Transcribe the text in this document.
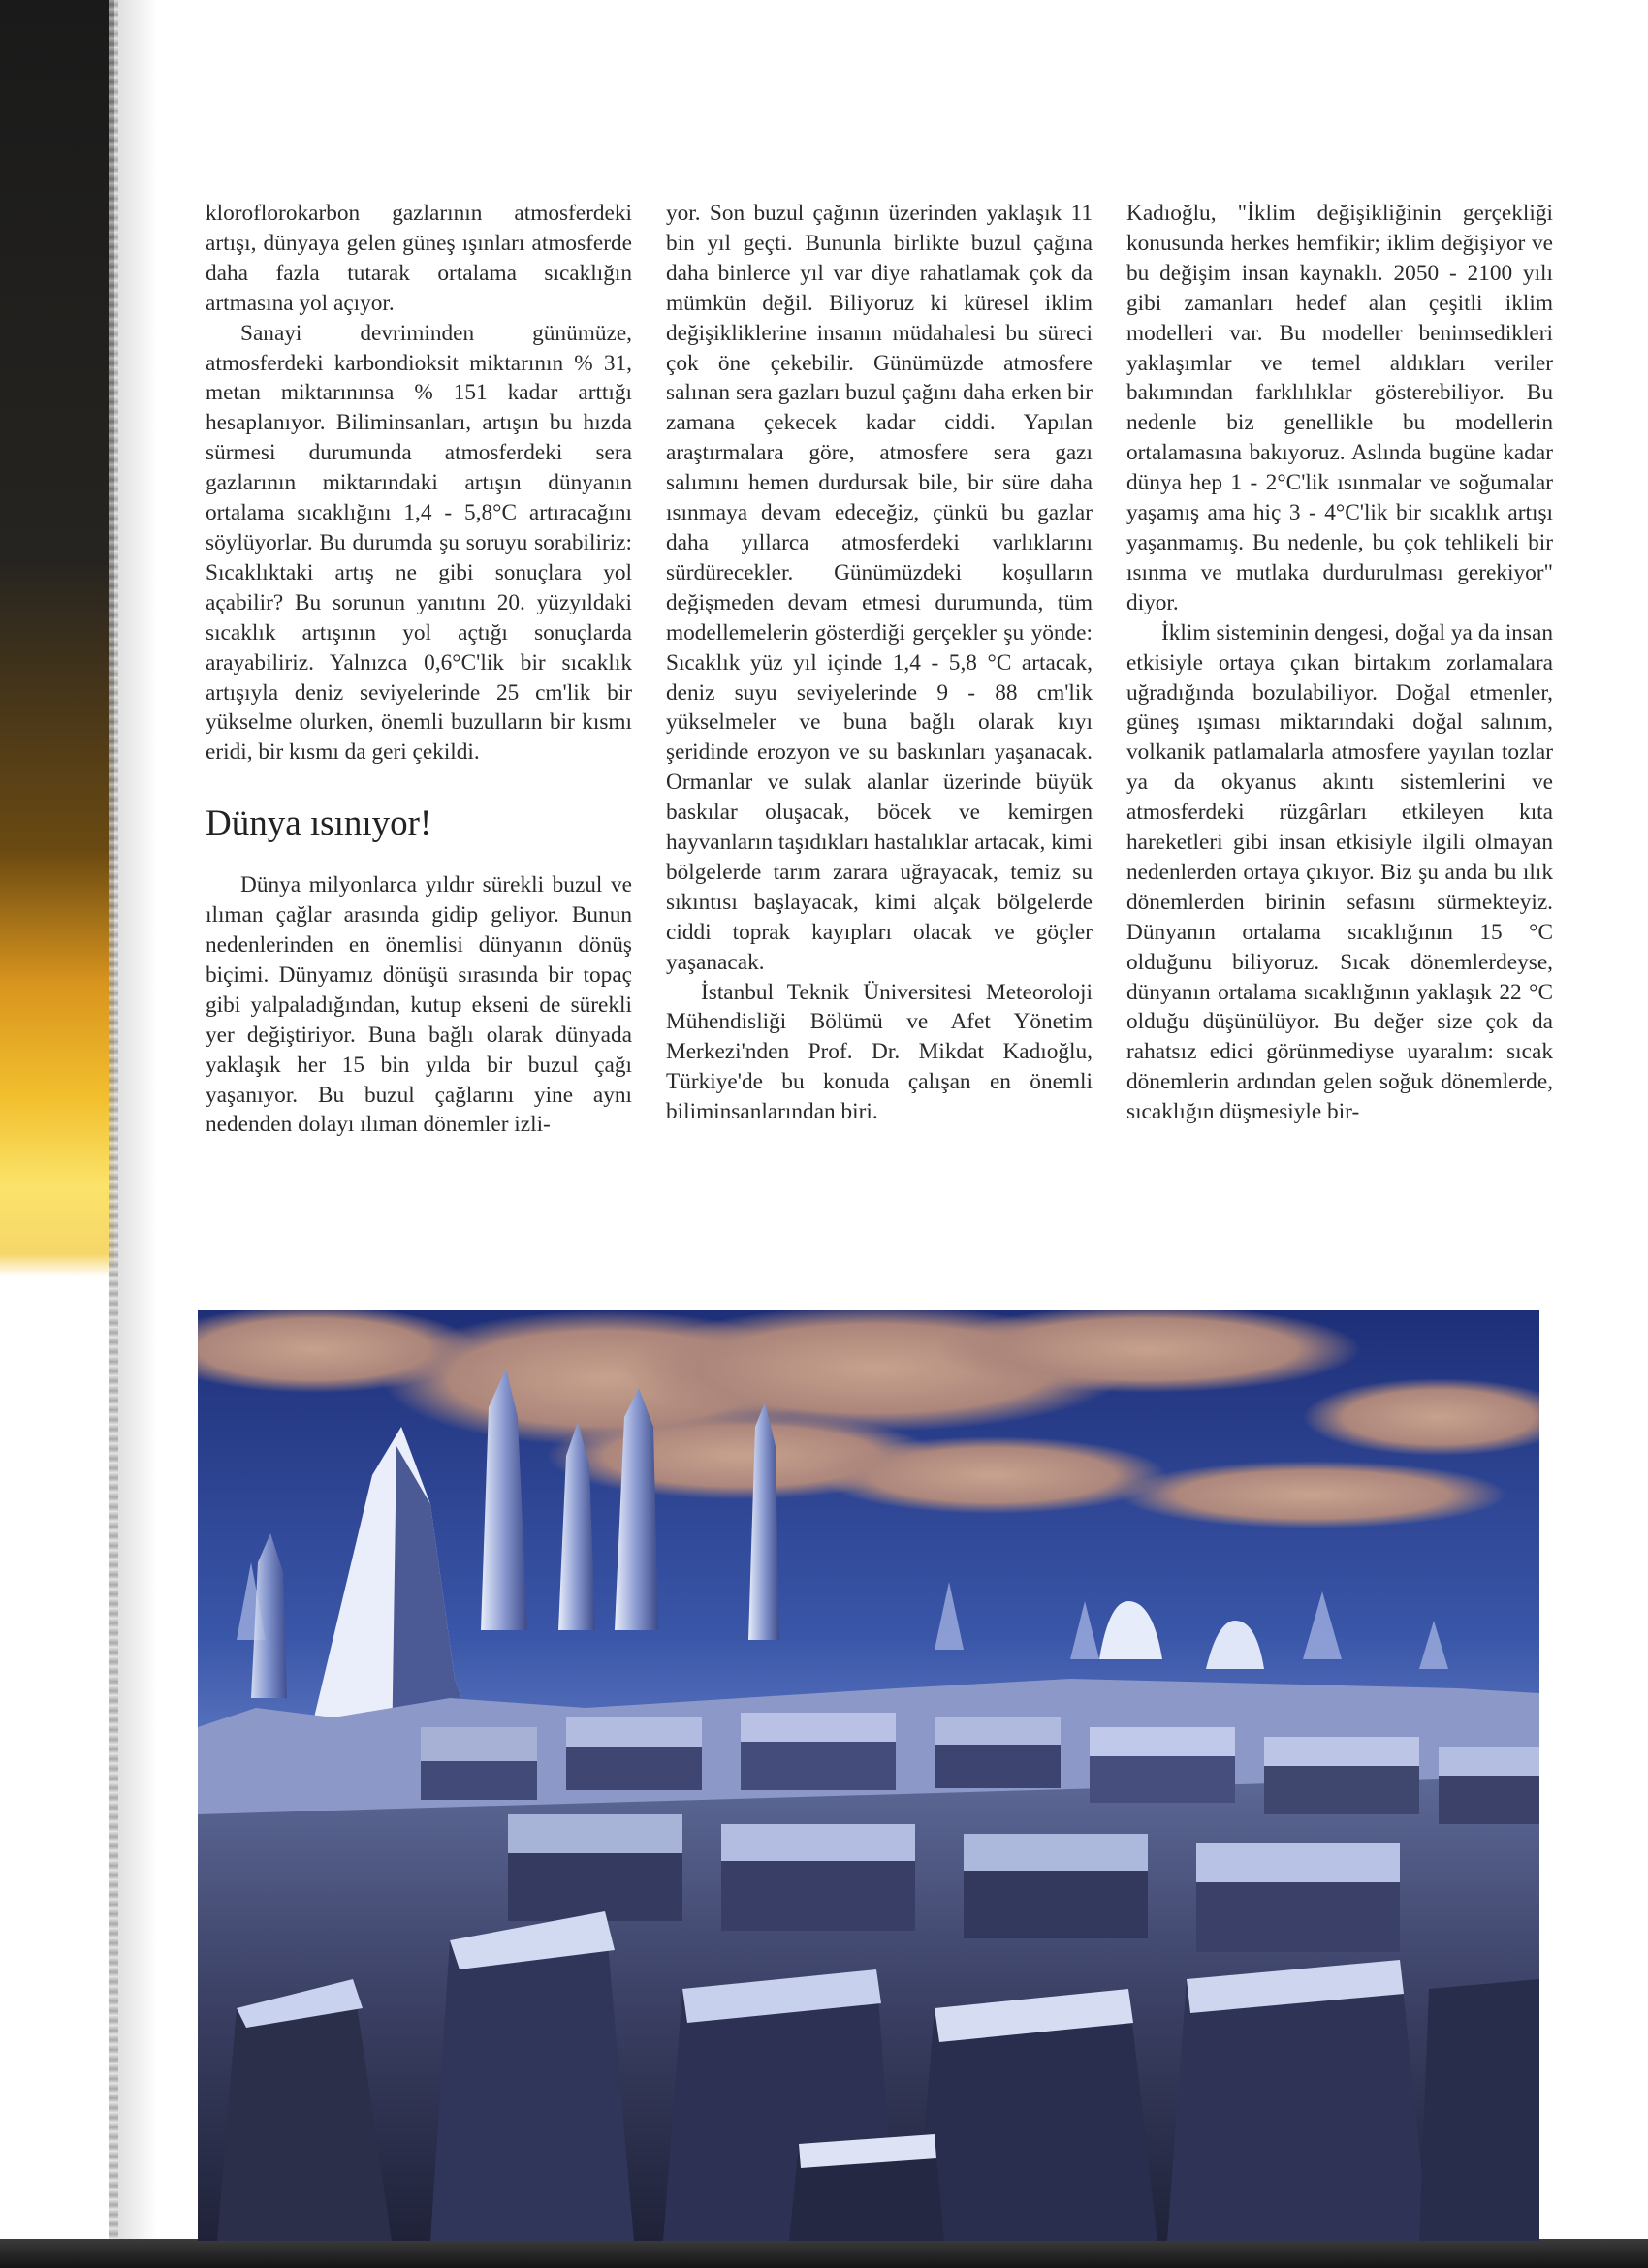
kloroflorokarbon gazlarının atmosferdeki artışı, dünyaya gelen güneş ışınları atmosferde daha fazla tutarak ortalama sıcaklığın artmasına yol açıyor.

Sanayi devriminden günümüze, atmosferdeki karbondioksit miktarının % 31, metan miktarınınsa % 151 kadar arttığı hesaplanıyor. Biliminsanları, artışın bu hızda sürmesi durumunda atmosferdeki sera gazlarının miktarındaki artışın dünyanın ortalama sıcaklığını 1,4 - 5,8°C artıracağını söylüyorlar. Bu durumda şu soruyu sorabiliriz: Sıcaklıktaki artış ne gibi sonuçlara yol açabilir? Bu sorunun yanıtını 20. yüzyıldaki sıcaklık artışının yol açtığı sonuçlarda arayabiliriz. Yalnızca 0,6°C'lik bir sıcaklık artışıyla deniz seviyelerinde 25 cm'lik bir yükselme olurken, önemli buzulların bir kısmı eridi, bir kısmı da geri çekildi.

Dünya ısınıyor!

Dünya milyonlarca yıldır sürekli buzul ve ılıman çağlar arasında gidip geliyor. Bunun nedenlerinden en önemlisi dünyanın dönüş biçimi. Dünyamız dönüşü sırasında bir topaç gibi yalpaladığından, kutup ekseni de sürekli yer değiştiriyor. Buna bağlı olarak dünyada yaklaşık her 15 bin yılda bir buzul çağı yaşanıyor. Bu buzul çağlarını yine aynı nedenden dolayı ılıman dönemler izli-

yor. Son buzul çağının üzerinden yaklaşık 11 bin yıl geçti. Bununla birlikte buzul çağına daha binlerce yıl var diye rahatlamak çok da mümkün değil. Biliyoruz ki küresel iklim değişikliklerine insanın müdahalesi bu süreci çok öne çekebilir. Günümüzde atmosfere salınan sera gazları buzul çağını daha erken bir zamana çekecek kadar ciddi. Yapılan araştırmalara göre, atmosfere sera gazı salımını hemen durdursak bile, bir süre daha ısınmaya devam edeceğiz, çünkü bu gazlar daha yıllarca atmosferdeki varlıklarını sürdürecekler. Günümüzdeki koşulların değişmeden devam etmesi durumunda, tüm modellemelerin gösterdiği gerçekler şu yönde: Sıcaklık yüz yıl içinde 1,4 - 5,8 °C artacak, deniz suyu seviyelerinde 9 - 88 cm'lik yükselmeler ve buna bağlı olarak kıyı şeridinde erozyon ve su baskınları yaşanacak. Ormanlar ve sulak alanlar üzerinde büyük baskılar oluşacak, böcek ve kemirgen hayvanların taşıdıkları hastalıklar artacak, kimi bölgelerde tarım zarara uğrayacak, temiz su sıkıntısı başlayacak, kimi alçak bölgelerde ciddi toprak kayıpları olacak ve göçler yaşanacak.

İstanbul Teknik Üniversitesi Meteoroloji Mühendisliği Bölümü ve Afet Yönetim Merkezi'nden Prof. Dr. Mikdat Kadıoğlu, Türkiye'de bu konuda çalışan en önemli biliminsanlarından biri.

Kadıoğlu, "İklim değişikliğinin gerçekliği konusunda herkes hemfikir; iklim değişiyor ve bu değişim insan kaynaklı. 2050 - 2100 yılı gibi zamanları hedef alan çeşitli iklim modelleri var. Bu modeller benimsedikleri yaklaşımlar ve temel aldıkları veriler bakımından farklılıklar gösterebiliyor. Bu nedenle biz genellikle bu modellerin ortalamasına bakıyoruz. Aslında bugüne kadar dünya hep 1 - 2°C'lik ısınmalar ve soğumalar yaşamış ama hiç 3 - 4°C'lik bir sıcaklık artışı yaşanmamış. Bu nedenle, bu çok tehlikeli bir ısınma ve mutlaka durdurulması gerekiyor" diyor.

İklim sisteminin dengesi, doğal ya da insan etkisiyle ortaya çıkan birtakım zorlamalara uğradığında bozulabiliyor. Doğal etmenler, güneş ışıması miktarındaki doğal salınım, volkanik patlamalarla atmosfere yayılan tozlar ya da okyanus akıntı sistemlerini ve atmosferdeki rüzgârları etkileyen kıta hareketleri gibi insan etkisiyle ilgili olmayan nedenlerden ortaya çıkıyor. Biz şu anda bu ılık dönemlerden birinin sefasını sürmekteyiz. Dünyanın ortalama sıcaklığının 15 °C olduğunu biliyoruz. Sıcak dönemlerdeyse, dünyanın ortalama sıcaklığının yaklaşık 22 °C olduğu düşünülüyor. Bu değer size çok da rahatsız edici görünmediyse uyaralım: sıcak dönemlerin ardından gelen soğuk dönemlerde, sıcaklığın düşmesiyle bir-
